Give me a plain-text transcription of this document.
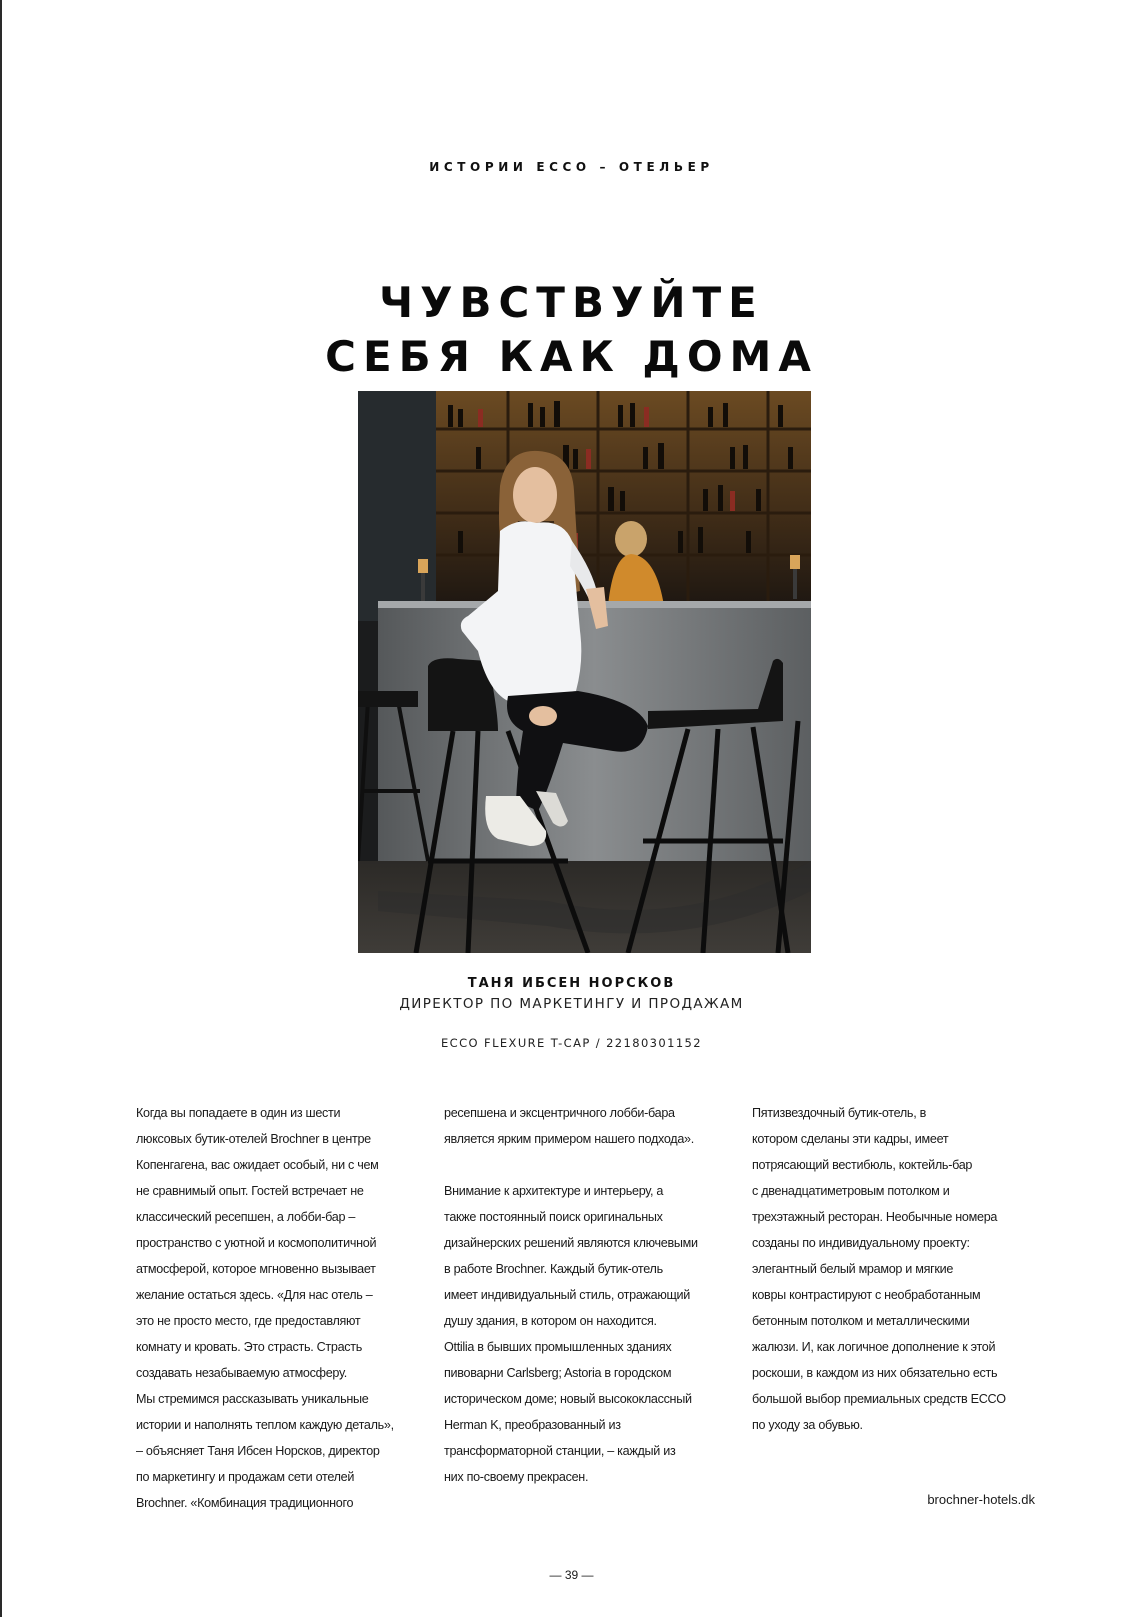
ИСТОРИИ ECCO – ОТЕЛЬЕР
ЧУВСТВУЙТЕ
СЕБЯ КАК ДОМА
ТАНЯ ИБСЕН НОРСКОВ
ДИРЕКТОР ПО МАРКЕТИНГУ И ПРОДАЖАМ
ECCO FLEXURE T-CAP / 22180301152

Когда вы попадаете в один из шести
люксовых бутик-отелей Brochner в центре
Копенгагена, вас ожидает особый, ни с чем
не сравнимый опыт. Гостей встречает не
классический ресепшен, а лобби-бар –
пространство с уютной и космополитичной
атмосферой, которое мгновенно вызывает
желание остаться здесь. «Для нас отель –
это не просто место, где предоставляют
комнату и кровать. Это страсть. Страсть
создавать незабываемую атмосферу.
Мы стремимся рассказывать уникальные
истории и наполнять теплом каждую деталь»,
– объясняет Таня Ибсен Норсков, директор
по маркетингу и продажам сети отелей
Brochner. «Комбинация традиционного

ресепшена и эксцентричного лобби-бара
является ярким примером нашего подхода».

Внимание к архитектуре и интерьеру, а
также постоянный поиск оригинальных
дизайнерских решений являются ключевыми
в работе Brochner. Каждый бутик-отель
имеет индивидуальный стиль, отражающий
душу здания, в котором он находится.
Ottilia в бывших промышленных зданиях
пивоварни Carlsberg; Astoria в городском
историческом доме; новый высококлассный
Herman K, преобразованный из
трансформаторной станции, – каждый из
них по-своему прекрасен.

Пятизвездочный бутик-отель, в
котором сделаны эти кадры, имеет
потрясающий вестибюль, коктейль-бар
с двенадцатиметровым потолком и
трехэтажный ресторан. Необычные номера
созданы по индивидуальному проекту:
элегантный белый мрамор и мягкие
ковры контрастируют с необработанным
бетонным потолком и металлическими
жалюзи. И, как логичное дополнение к этой
роскоши, в каждом из них обязательно есть
большой выбор премиальных средств ECCO
по уходу за обувью.

brochner-hotels.dk
— 39 —
